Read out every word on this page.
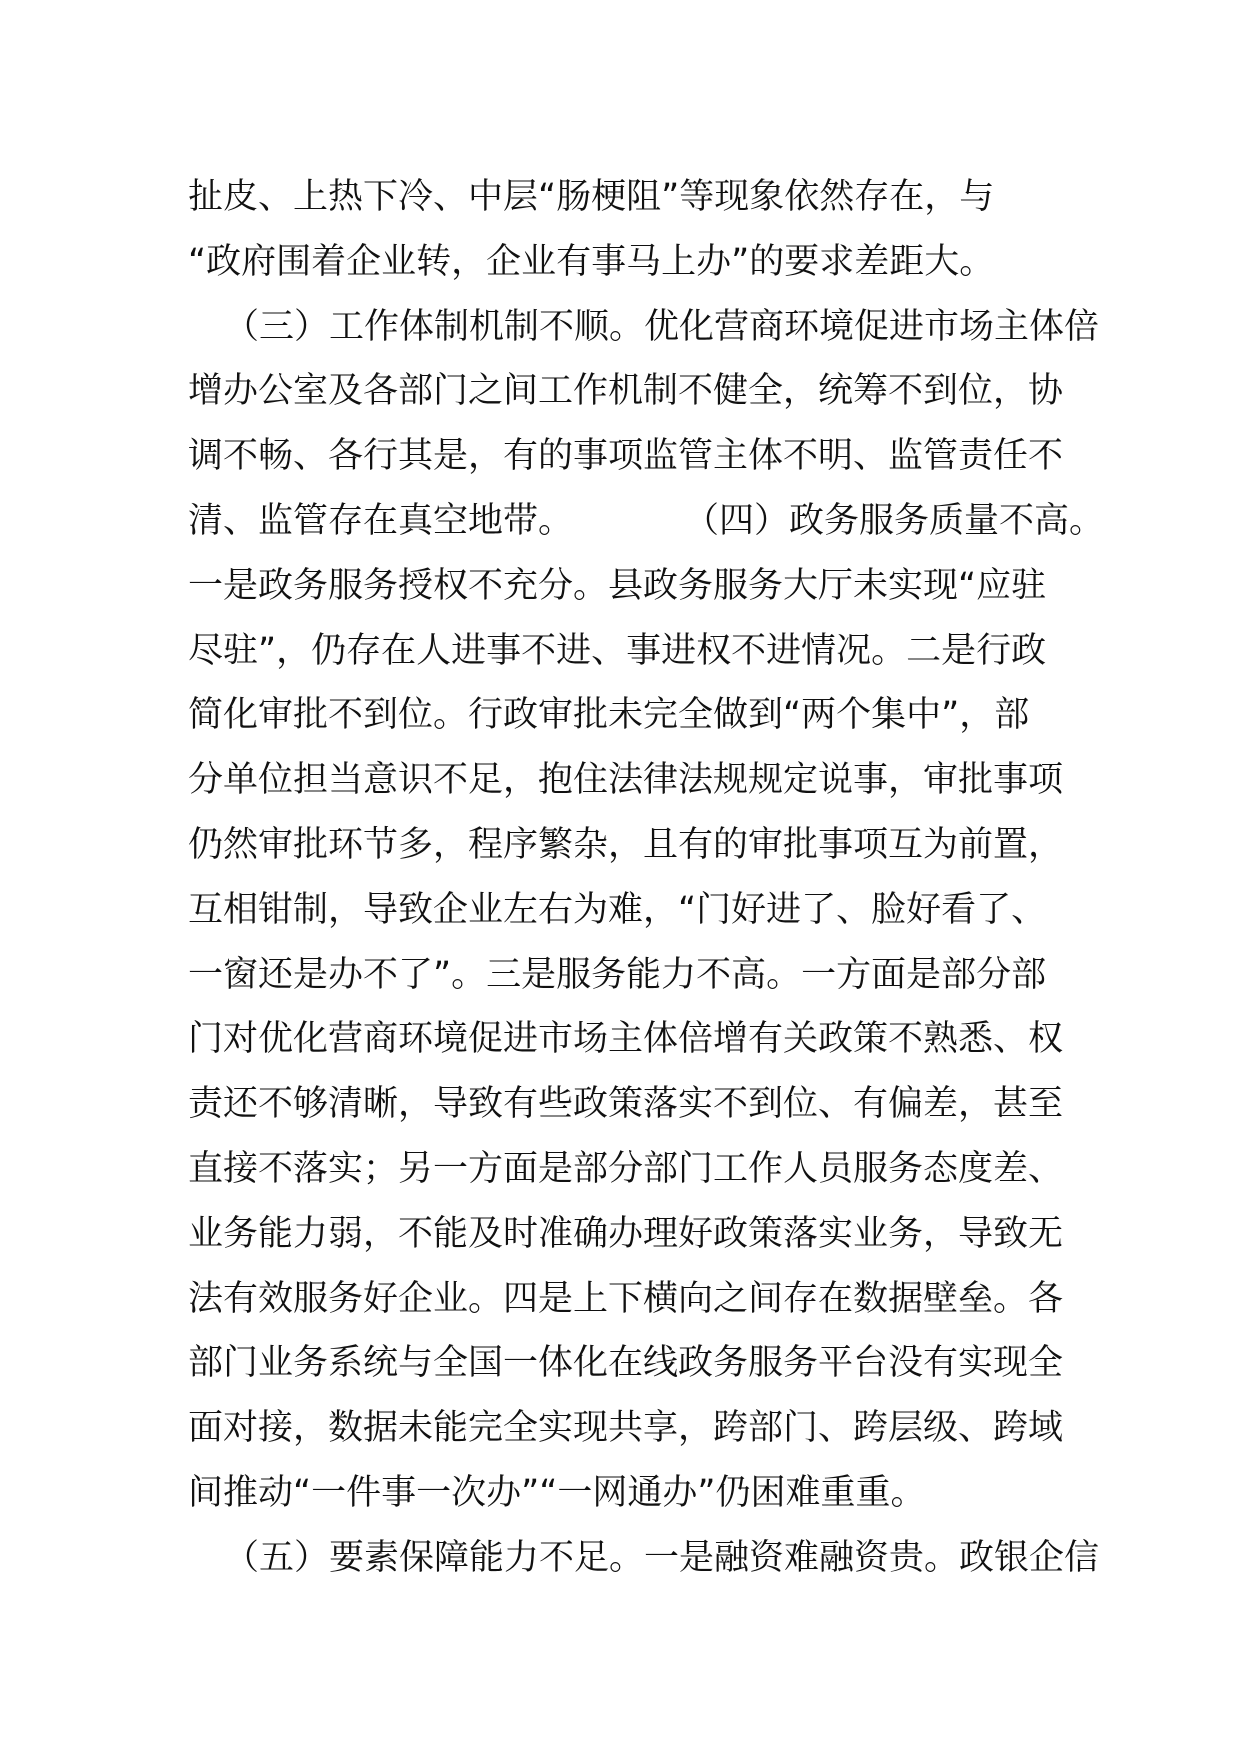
扯皮、上热下冷、中层“肠梗阻”等现象依然存在，与
“政府围着企业转，企业有事马上办”的要求差距大。
（三）工作体制机制不顺。优化营商环境促进市场主体倍
增办公室及各部门之间工作机制不健全，统筹不到位，协
调不畅、各行其是，有的事项监管主体不明、监管责任不
清、监管存在真空地带。	（四）政务服务质量不高。
一是政务服务授权不充分。县政务服务大厅未实现“应驻
尽驻”，仍存在人进事不进、事进权不进情况。二是行政
简化审批不到位。行政审批未完全做到“两个集中”，部
分单位担当意识不足，抱住法律法规规定说事，审批事项
仍然审批环节多，程序繁杂，且有的审批事项互为前置，
互相钳制，导致企业左右为难，“门好进了、脸好看了、
一窗还是办不了”。三是服务能力不高。一方面是部分部
门对优化营商环境促进市场主体倍增有关政策不熟悉、权
责还不够清晰，导致有些政策落实不到位、有偏差，甚至
直接不落实；另一方面是部分部门工作人员服务态度差、
业务能力弱，不能及时准确办理好政策落实业务，导致无
法有效服务好企业。四是上下横向之间存在数据壁垒。各
部门业务系统与全国一体化在线政务服务平台没有实现全
面对接，数据未能完全实现共享，跨部门、跨层级、跨域
间推动“一件事一次办”“一网通办”仍困难重重。
（五）要素保障能力不足。一是融资难融资贵。政银企信
